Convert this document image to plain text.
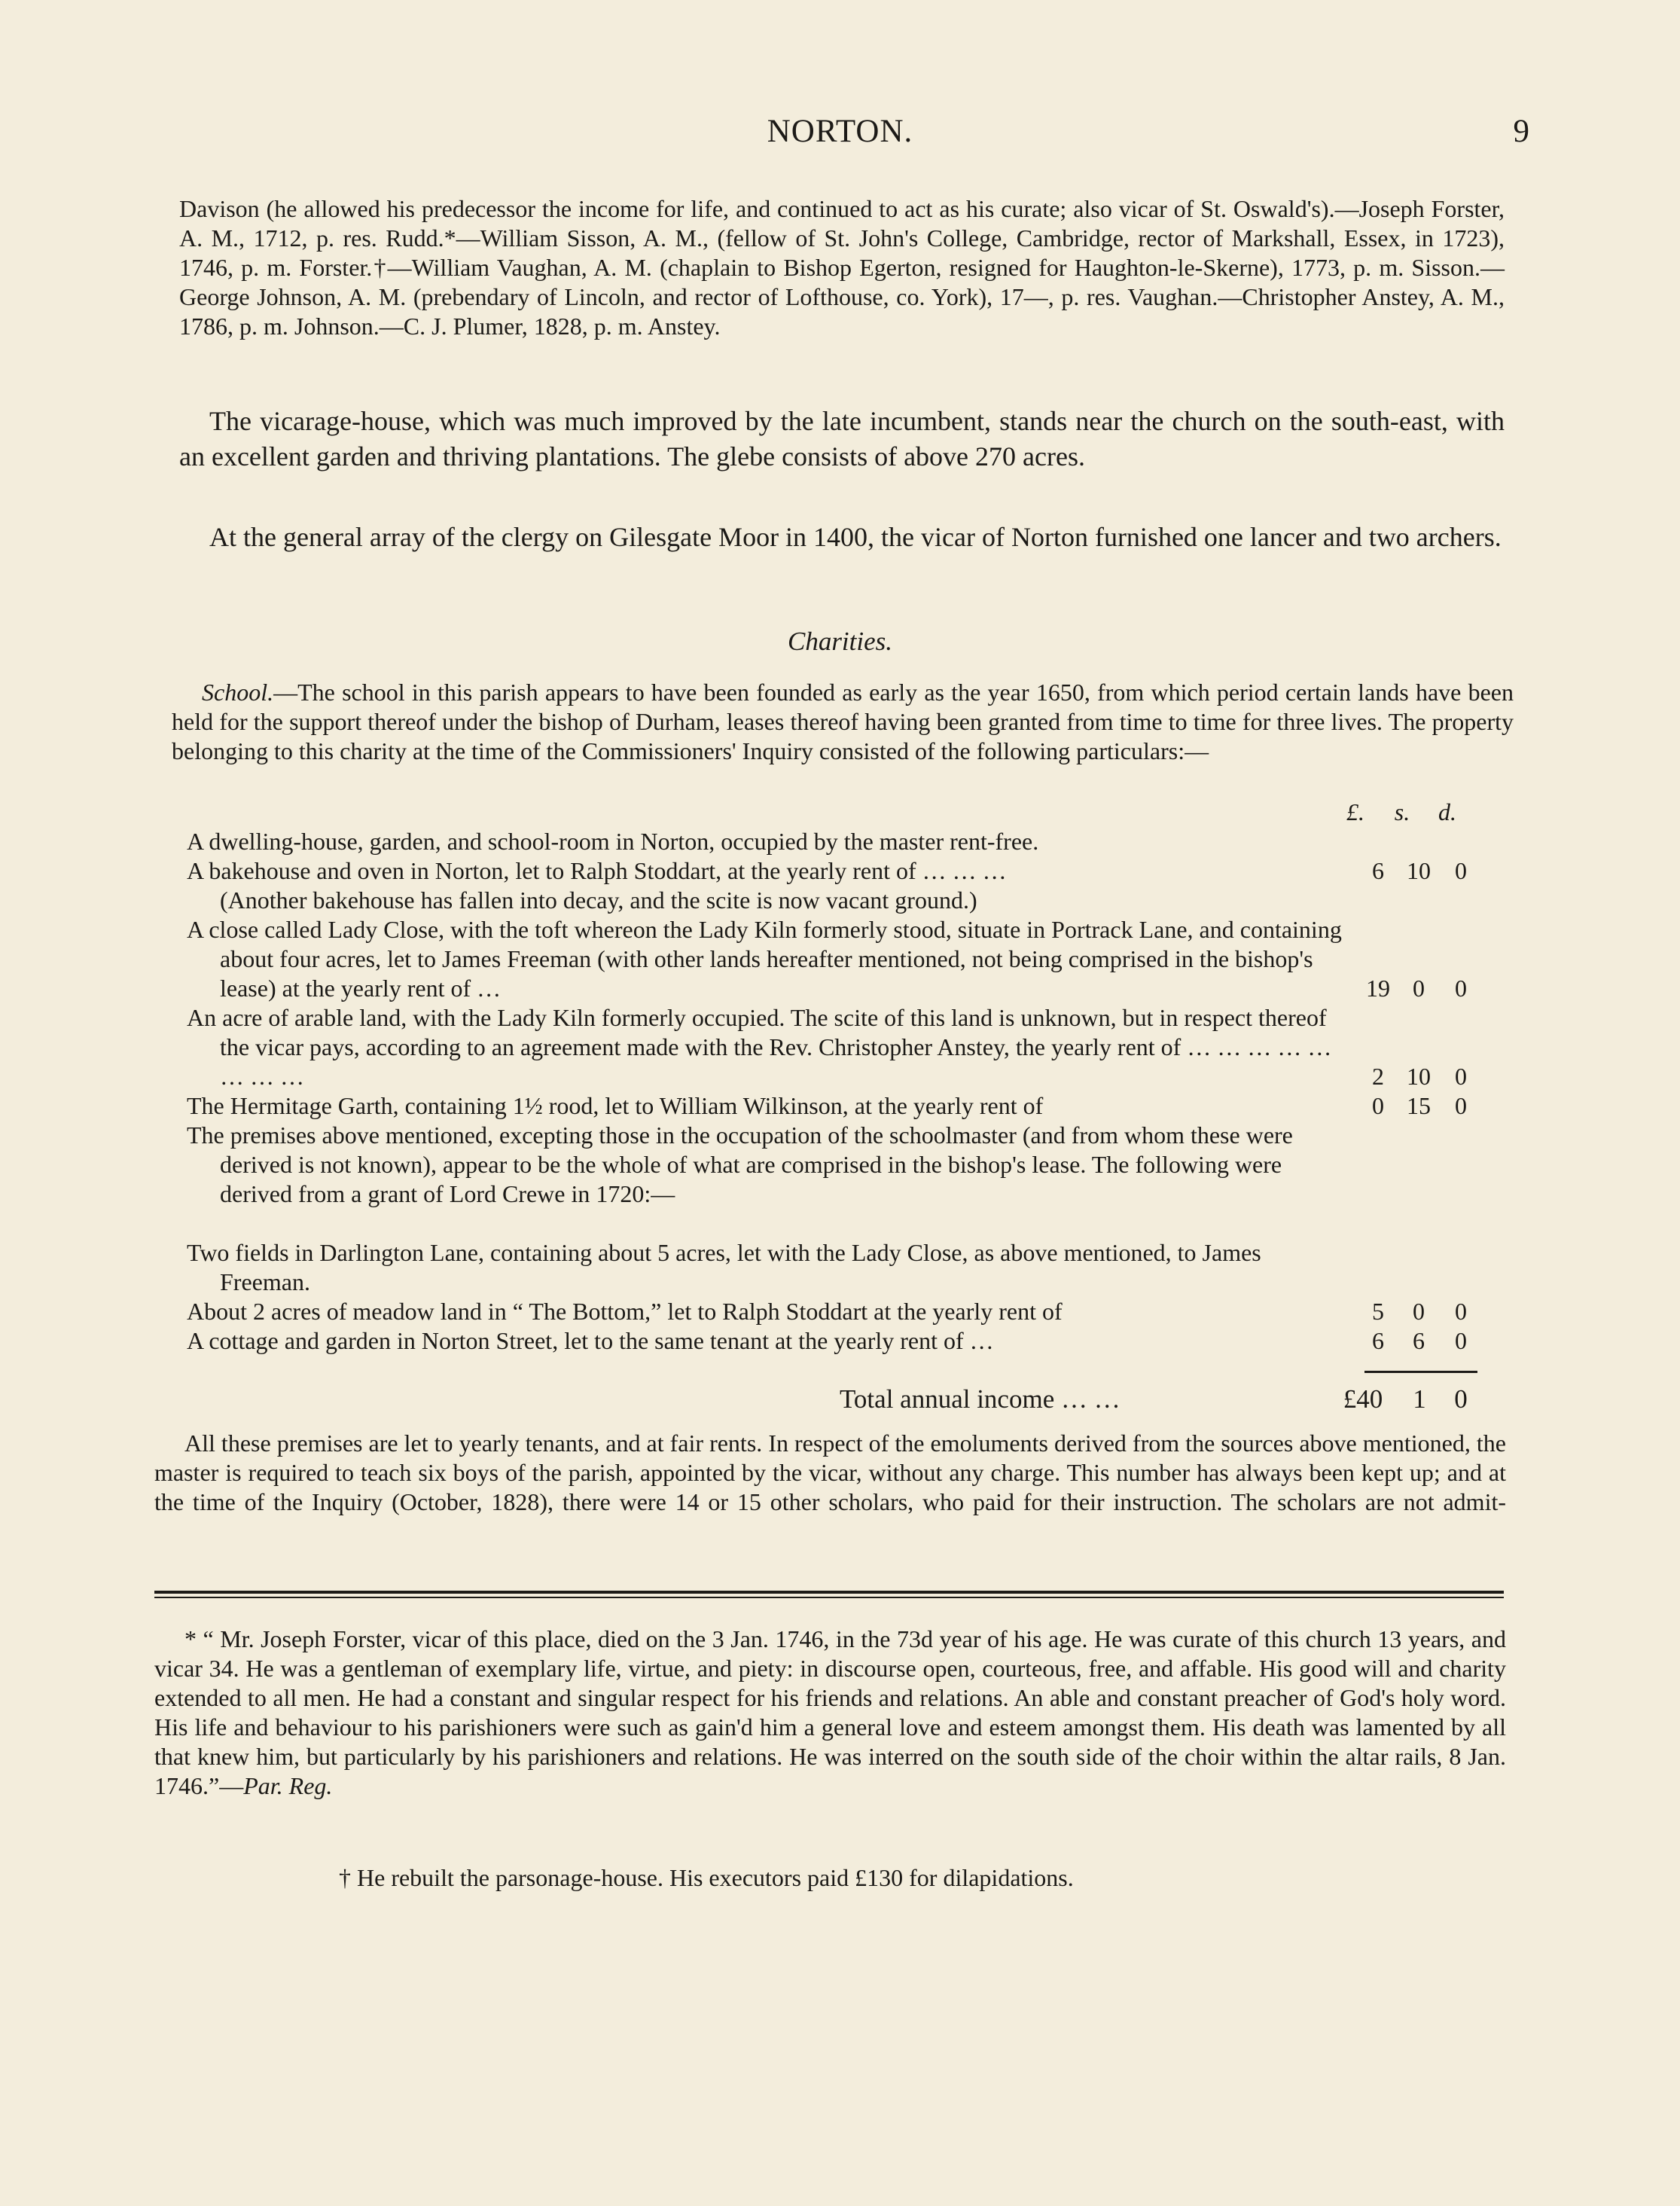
NORTON.	9

Davison (he allowed his predecessor the income for life, and continued to act as his curate; also vicar of St. Oswald's).—Joseph Forster, A. M., 1712, p. res. Rudd.*—William Sisson, A. M., (fellow of St. John's College, Cambridge, rector of Markshall, Essex, in 1723), 1746, p. m. Forster.†—William Vaughan, A. M. (chaplain to Bishop Egerton, resigned for Haughton-le-Skerne), 1773, p. m. Sisson.—George Johnson, A. M. (prebendary of Lincoln, and rector of Lofthouse, co. York), 17—, p. res. Vaughan.—Christopher Anstey, A. M., 1786, p. m. Johnson.—C. J. Plumer, 1828, p. m. Anstey.

The vicarage-house, which was much improved by the late incumbent, stands near the church on the south-east, with an excellent garden and thriving plantations. The glebe consists of above 270 acres.

At the general array of the clergy on Gilesgate Moor in 1400, the vicar of Norton furnished one lancer and two archers.

Charities.

School.—The school in this parish appears to have been founded as early as the year 1650, from which period certain lands have been held for the support thereof under the bishop of Durham, leases thereof having been granted from time to time for three lives. The property belonging to this charity at the time of the Commissioners' Inquiry consisted of the following particulars:—

£.	s.	d.
A dwelling-house, garden, and school-room in Norton, occupied by the master rent-free.
A bakehouse and oven in Norton, let to Ralph Stoddart, at the yearly rent of … … …	6 10	0
(Another bakehouse has fallen into decay, and the scite is now vacant ground.)
A close called Lady Close, with the toft whereon the Lady Kiln formerly stood, situate in Portrack Lane, and containing about four acres, let to James Freeman (with other lands hereafter mentioned, not being comprised in the bishop's lease) at the yearly rent of …	19 0	0
An acre of arable land, with the Lady Kiln formerly occupied. The scite of this land is unknown, but in respect thereof the vicar pays, according to an agreement made with the Rev. Christopher Anstey, the yearly rent of … … … … … … … …	2 10	0
The Hermitage Garth, containing 1½ rood, let to William Wilkinson, at the yearly rent of	0 15	0
The premises above mentioned, excepting those in the occupation of the schoolmaster (and from whom these were derived is not known), appear to be the whole of what are comprised in the bishop's lease. The following were derived from a grant of Lord Crewe in 1720:—
Two fields in Darlington Lane, containing about 5 acres, let with the Lady Close, as above mentioned, to James Freeman.
About 2 acres of meadow land in “ The Bottom,” let to Ralph Stoddart at the yearly rent of	5	0	0
A cottage and garden in Norton Street, let to the same tenant at the yearly rent of …	6	6	0

Total annual income … …	£40	1	0

All these premises are let to yearly tenants, and at fair rents. In respect of the emoluments derived from the sources above mentioned, the master is required to teach six boys of the parish, appointed by the vicar, without any charge. This number has always been kept up; and at the time of the Inquiry (October, 1828), there were 14 or 15 other scholars, who paid for their instruction. The scholars are not admit-

* “ Mr. Joseph Forster, vicar of this place, died on the 3 Jan. 1746, in the 73d year of his age. He was curate of this church 13 years, and vicar 34. He was a gentleman of exemplary life, virtue, and piety: in discourse open, courteous, free, and affable. His good will and charity extended to all men. He had a constant and singular respect for his friends and relations. An able and constant preacher of God's holy word. His life and behaviour to his parishioners were such as gain'd him a general love and esteem amongst them. His death was lamented by all that knew him, but particularly by his parishioners and relations. He was interred on the south side of the choir within the altar rails, 8 Jan. 1746.”—Par. Reg.

† He rebuilt the parsonage-house. His executors paid £130 for dilapidations.
